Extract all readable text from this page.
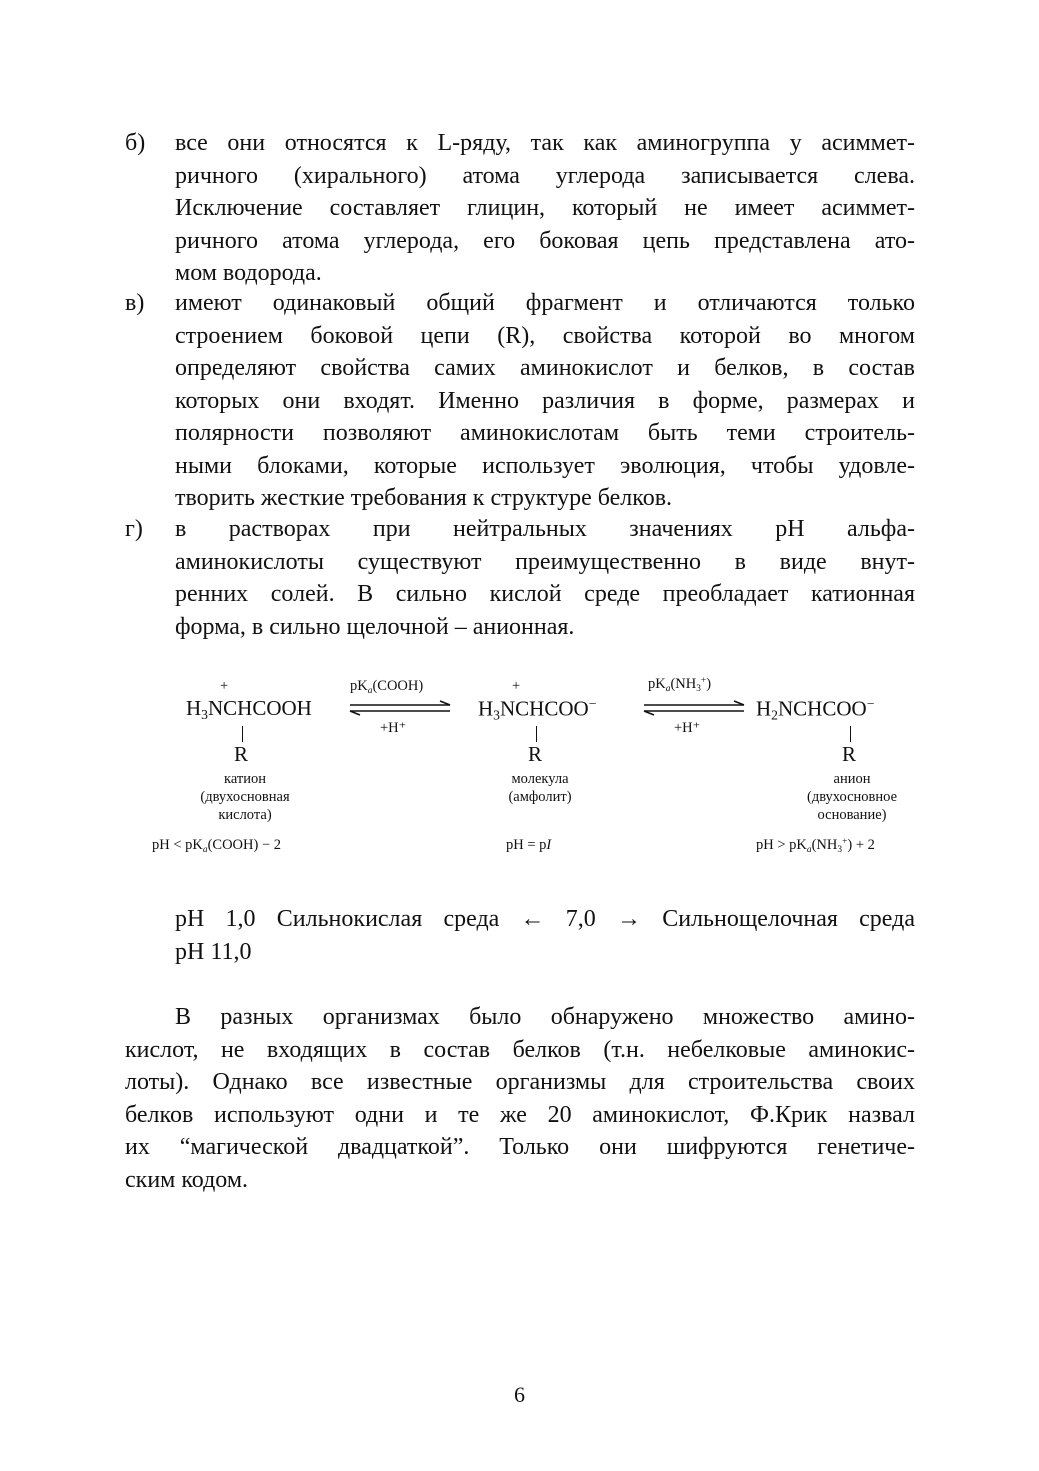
б) все они относятся к L-ряду, так как аминогруппа у асиммет-
ричного (хирального) атома углерода записывается слева.
Исключение составляет глицин, который не имеет асиммет-
ричного атома углерода, его боковая цепь представлена ато-
мом водорода.
в) имеют одинаковый общий фрагмент и отличаются только
строением боковой цепи (R), свойства которой во многом
определяют свойства самих аминокислот и белков, в состав
которых они входят. Именно различия в форме, размерах и
полярности позволяют аминокислотам быть теми строитель-
ными блоками, которые использует эволюция, чтобы удовле-
творить жесткие требования к структуре белков.
г) в растворах при нейтральных значениях pH альфа-
аминокислоты существуют преимущественно в виде внут-
ренних солей. В сильно кислой среде преобладает катионная
форма, в сильно щелочной – анионная.
+
$H_3NCHCOOH$
R
катион
(двухосновная
кислота)
pH < $pK_a(COOH) - 2$
$pK_a(COOH)$
+H⁺
+
$H_3NCHCOO^-$
R
молекула
(амфолит)
pH = pI
$pK_a(NH_3^+)$
+H⁺
$H_2NCHCOO^-$
R
анион
(двухосновное
основание)
pH > $pK_a(NH_3^+) + 2$
pH 1,0 Сильнокислая среда ← 7,0 → Сильнощелочная среда
pH 11,0
В разных организмах было обнаружено множество амино-
кислот, не входящих в состав белков (т.н. небелковые аминокис-
лоты). Однако все известные организмы для строительства своих
белков используют одни и те же 20 аминокислот, Ф.Крик назвал
их “магической двадцаткой”. Только они шифруются генетиче-
ским кодом.
6
